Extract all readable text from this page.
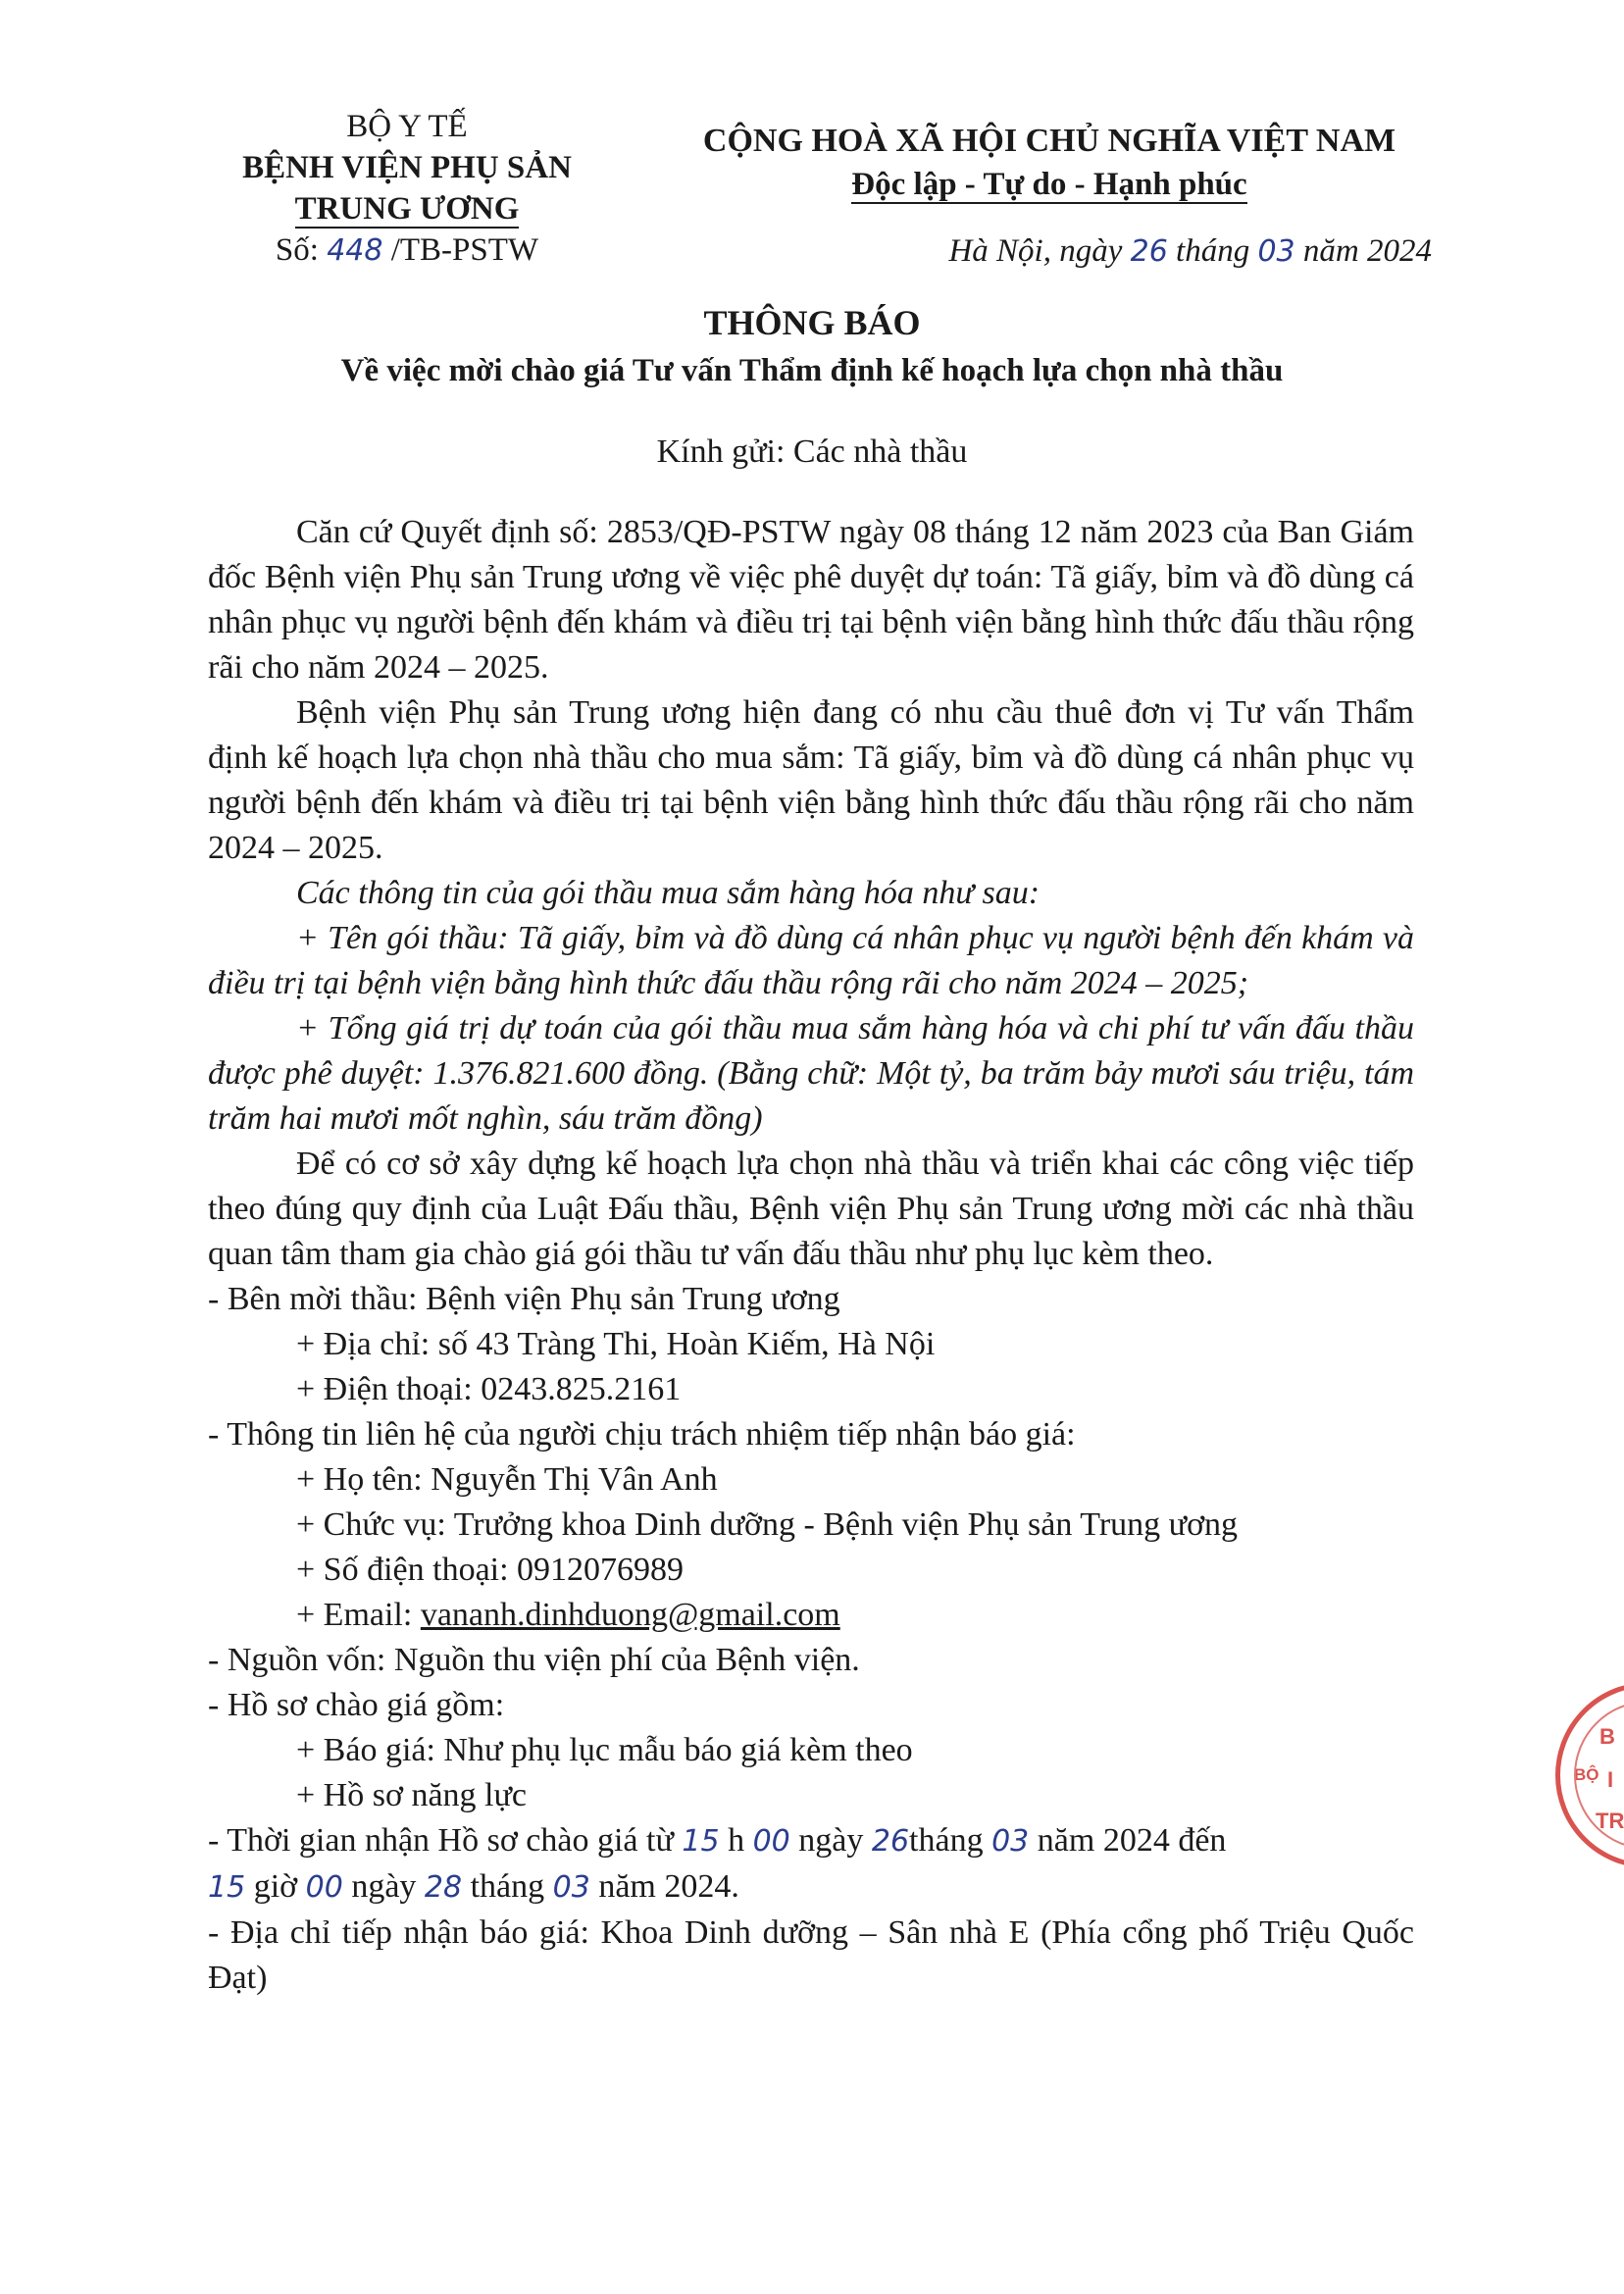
BỘ Y TẾ
BỆNH VIỆN PHỤ SẢN
TRUNG ƯƠNG
Số: 448 /TB-PSTW
CỘNG HOÀ XÃ HỘI CHỦ NGHĨA VIỆT NAM
Độc lập - Tự do - Hạnh phúc
Hà Nội, ngày 26 tháng 03 năm 2024
THÔNG BÁO
Về việc mời chào giá Tư vấn Thẩm định kế hoạch lựa chọn nhà thầu
Kính gửi: Các nhà thầu

Căn cứ Quyết định số: 2853/QĐ-PSTW ngày 08 tháng 12 năm 2023 của Ban Giám đốc Bệnh viện Phụ sản Trung ương về việc phê duyệt dự toán: Tã giấy, bỉm và đồ dùng cá nhân phục vụ người bệnh đến khám và điều trị tại bệnh viện bằng hình thức đấu thầu rộng rãi cho năm 2024 – 2025.

Bệnh viện Phụ sản Trung ương hiện đang có nhu cầu thuê đơn vị Tư vấn Thẩm định kế hoạch lựa chọn nhà thầu cho mua sắm: Tã giấy, bỉm và đồ dùng cá nhân phục vụ người bệnh đến khám và điều trị tại bệnh viện bằng hình thức đấu thầu rộng rãi cho năm 2024 – 2025.

Các thông tin của gói thầu mua sắm hàng hóa như sau:

+ Tên gói thầu: Tã giấy, bỉm và đồ dùng cá nhân phục vụ người bệnh đến khám và điều trị tại bệnh viện bằng hình thức đấu thầu rộng rãi cho năm 2024 – 2025;

+ Tổng giá trị dự toán của gói thầu mua sắm hàng hóa và chi phí tư vấn đấu thầu được phê duyệt: 1.376.821.600 đồng. (Bằng chữ: Một tỷ, ba trăm bảy mươi sáu triệu, tám trăm hai mươi mốt nghìn, sáu trăm đồng)

Để có cơ sở xây dựng kế hoạch lựa chọn nhà thầu và triển khai các công việc tiếp theo đúng quy định của Luật Đấu thầu, Bệnh viện Phụ sản Trung ương mời các nhà thầu quan tâm tham gia chào giá gói thầu tư vấn đấu thầu như phụ lục kèm theo.

- Bên mời thầu: Bệnh viện Phụ sản Trung ương

+ Địa chỉ: số 43 Tràng Thi, Hoàn Kiếm, Hà Nội

+ Điện thoại: 0243.825.2161

- Thông tin liên hệ của người chịu trách nhiệm tiếp nhận báo giá:

+ Họ tên: Nguyễn Thị Vân Anh

+ Chức vụ: Trưởng khoa Dinh dưỡng - Bệnh viện Phụ sản Trung ương

+ Số điện thoại: 0912076989

+ Email: vananh.dinhduong@gmail.com

- Nguồn vốn: Nguồn thu viện phí của Bệnh viện.

- Hồ sơ chào giá gồm:

+ Báo giá: Như phụ lục mẫu báo giá kèm theo

+ Hồ sơ năng lực

- Thời gian nhận Hồ sơ chào giá từ 15 h 00 ngày 26tháng 03 năm 2024 đến
15 giờ 00 ngày 28 tháng 03 năm 2024.

- Địa chỉ tiếp nhận báo giá: Khoa Dinh dưỡng – Sân nhà E (Phía cổng phố Triệu Quốc Đạt)

B
BỘ I
TR
